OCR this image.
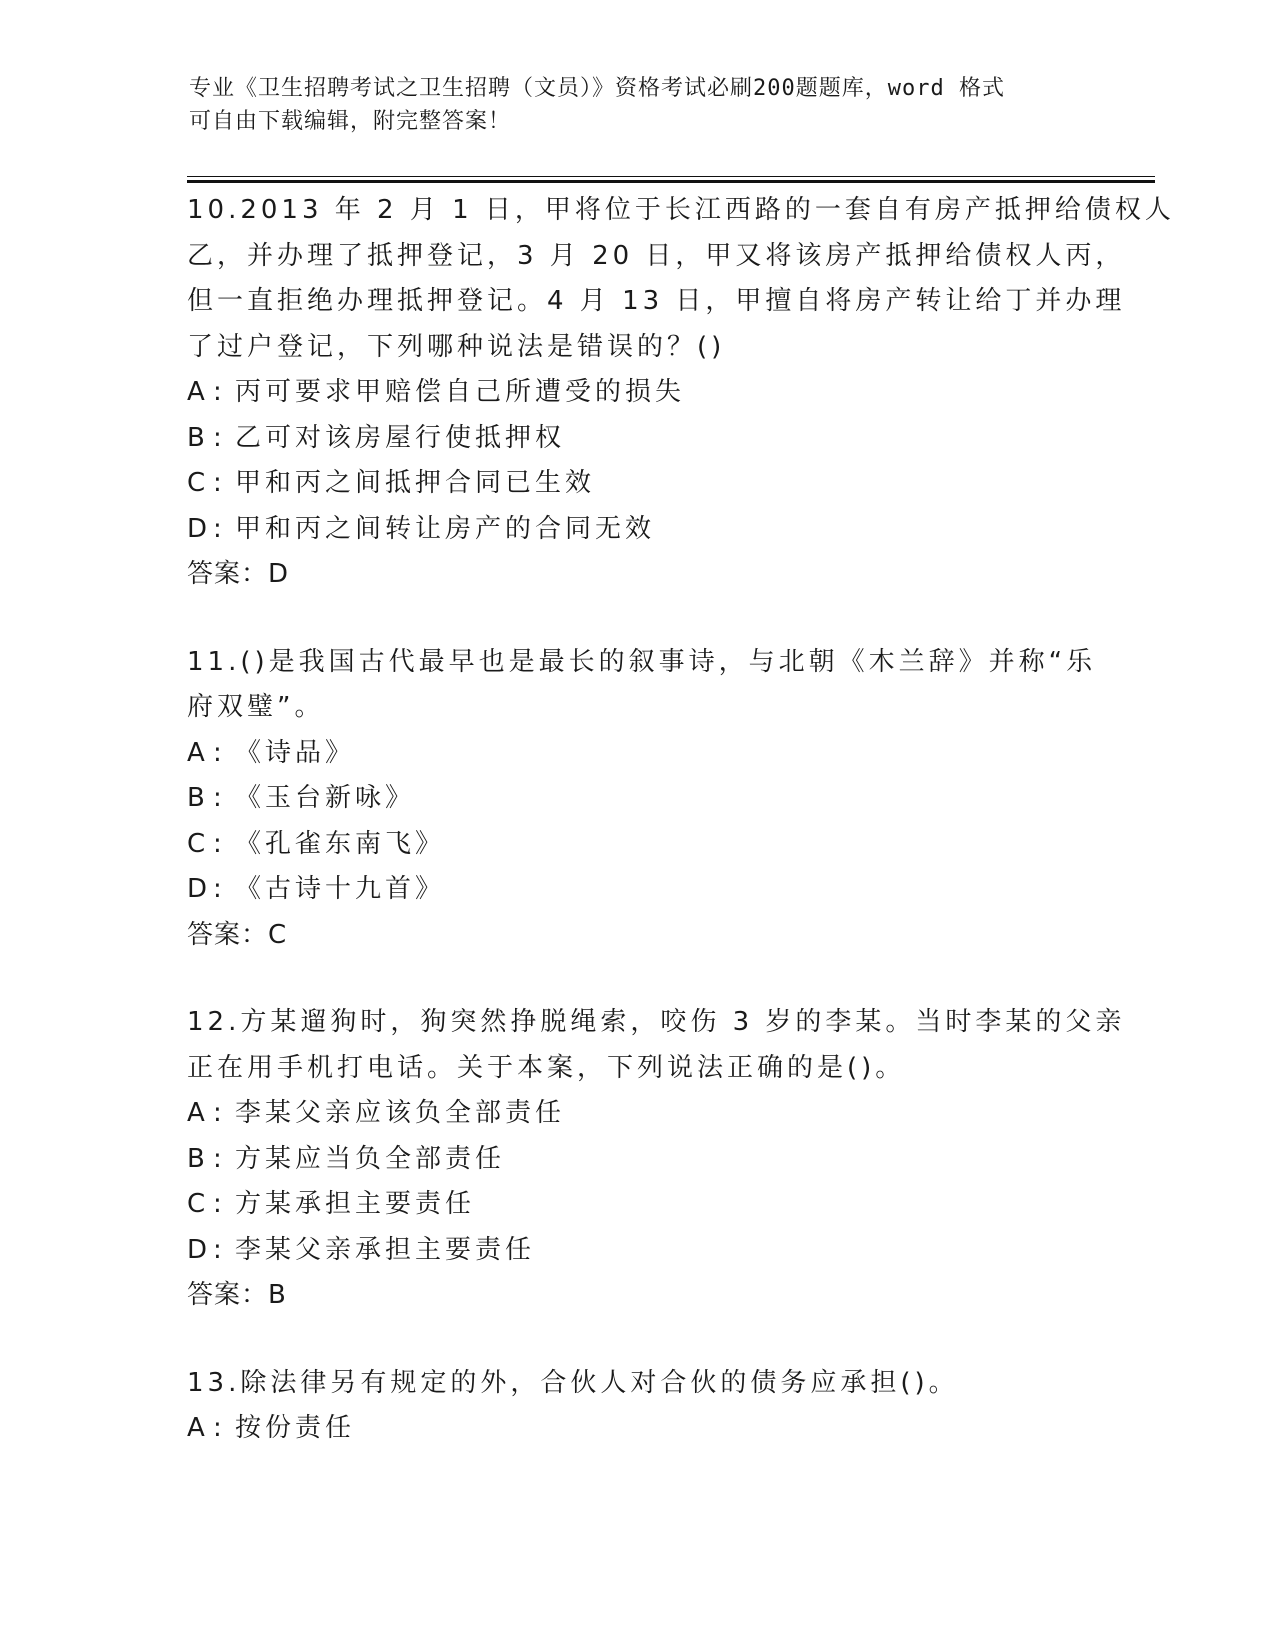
专业《卫生招聘考试之卫生招聘（文员）》资格考试必刷200题题库，word 格式
可自由下载编辑，附完整答案！
10.2013 年 2 月 1 日，甲将位于长江西路的一套自有房产抵押给债权人
乙，并办理了抵押登记，3 月 20 日，甲又将该房产抵押给债权人丙，
但一直拒绝办理抵押登记。4 月 13 日，甲擅自将房产转让给丁并办理
了过户登记，下列哪种说法是错误的？()
A : 丙可要求甲赔偿自己所遭受的损失
B : 乙可对该房屋行使抵押权
C : 甲和丙之间抵押合同已生效
D: 甲和丙之间转让房产的合同无效
答案：D
11.()是我国古代最早也是最长的叙事诗，与北朝《木兰辞》并称“乐
府双璧”。
A : 《诗品》
B : 《玉台新咏》
C : 《孔雀东南飞》
D: 《古诗十九首》
答案：C
12.方某遛狗时，狗突然挣脱绳索，咬伤 3 岁的李某。当时李某的父亲
正在用手机打电话。关于本案，下列说法正确的是()。
A : 李某父亲应该负全部责任
B : 方某应当负全部责任
C : 方某承担主要责任
D: 李某父亲承担主要责任
答案：B
13.除法律另有规定的外，合伙人对合伙的债务应承担()。
A : 按份责任
